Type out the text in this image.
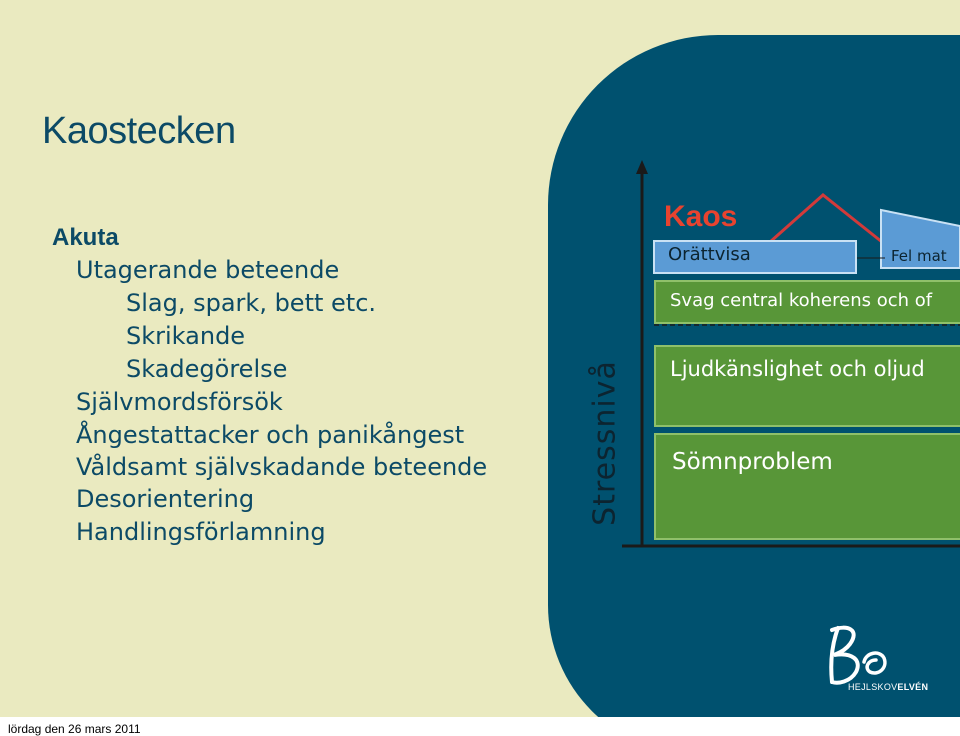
Kaostecken
Akuta
Utagerande beteende
Slag, spark, bett etc.
Skrikande
Skadegörelse
Självmordsförsök
Ångestattacker och panikångest
Våldsamt självskadande beteende
Desorientering
Handlingsförlamning
Stressnivå
Kaos
Orättvisa	Fel mat
Svag central koherens och of
Ljudkänslighet och oljud
Sömnproblem
HEJLSKOVELVÉN
lördag den 26 mars 2011
